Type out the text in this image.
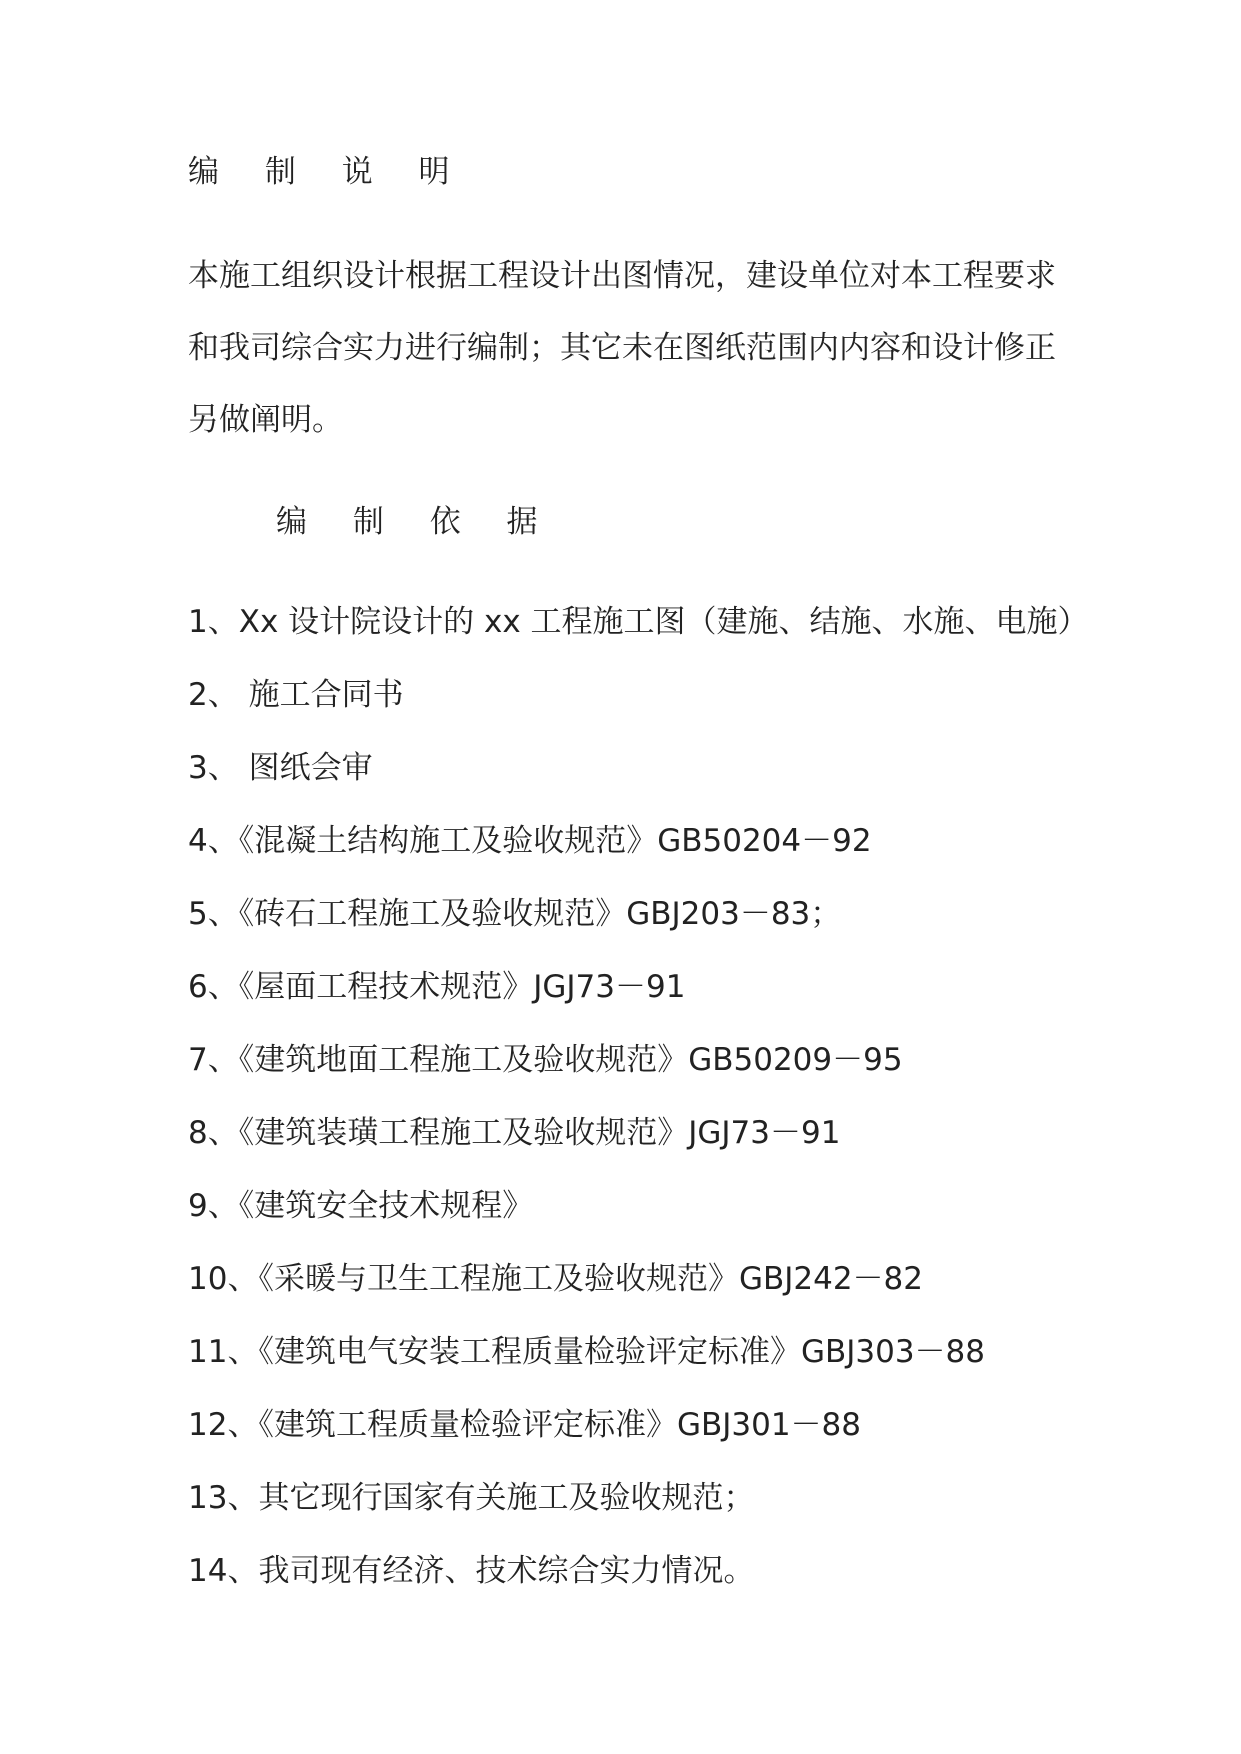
编 制 说 明
本施工组织设计根据工程设计出图情况，建设单位对本工程要求
和我司综合实力进行编制；其它未在图纸范围内内容和设计修正
另做阐明。
编 制 依 据
1、Xx 设计院设计的 xx 工程施工图（建施、结施、水施、电施）
2、 施工合同书
3、 图纸会审
4、《混凝土结构施工及验收规范》GB50204－92
5、《砖石工程施工及验收规范》GBJ203－83；
6、《屋面工程技术规范》JGJ73－91
7、《建筑地面工程施工及验收规范》GB50209－95
8、《建筑装璜工程施工及验收规范》JGJ73－91
9、《建筑安全技术规程》
10、《采暖与卫生工程施工及验收规范》GBJ242－82
11、《建筑电气安装工程质量检验评定标准》GBJ303－88
12、《建筑工程质量检验评定标准》GBJ301－88
13、其它现行国家有关施工及验收规范；
14、我司现有经济、技术综合实力情况。
